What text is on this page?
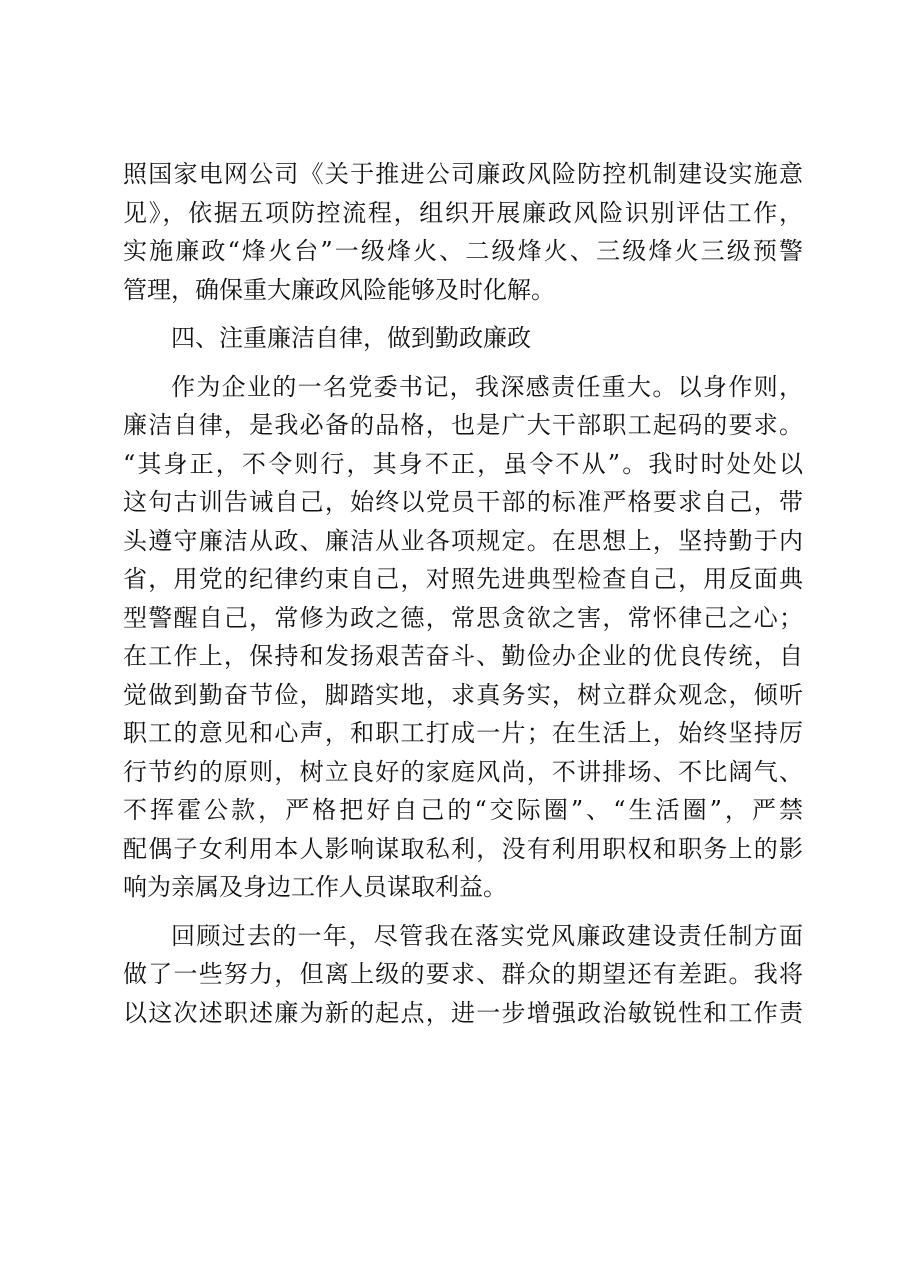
照国家电网公司《关于推进公司廉政风险防控机制建设实施意
见》，依据五项防控流程，组织开展廉政风险识别评估工作，
实施廉政“烽火台”一级烽火、二级烽火、三级烽火三级预警
管理，确保重大廉政风险能够及时化解。
四、注重廉洁自律，做到勤政廉政
作为企业的一名党委书记，我深感责任重大。以身作则，
廉洁自律，是我必备的品格，也是广大干部职工起码的要求。
“其身正，不令则行，其身不正，虽令不从”。我时时处处以
这句古训告诫自己，始终以党员干部的标准严格要求自己，带
头遵守廉洁从政、廉洁从业各项规定。在思想上，坚持勤于内
省，用党的纪律约束自己，对照先进典型检查自己，用反面典
型警醒自己，常修为政之德，常思贪欲之害，常怀律己之心；
在工作上，保持和发扬艰苦奋斗、勤俭办企业的优良传统，自
觉做到勤奋节俭，脚踏实地，求真务实，树立群众观念，倾听
职工的意见和心声，和职工打成一片；在生活上，始终坚持厉
行节约的原则，树立良好的家庭风尚，不讲排场、不比阔气、
不挥霍公款，严格把好自己的“交际圈”、“生活圈”，严禁
配偶子女利用本人影响谋取私利，没有利用职权和职务上的影
响为亲属及身边工作人员谋取利益。
回顾过去的一年，尽管我在落实党风廉政建设责任制方面
做了一些努力，但离上级的要求、群众的期望还有差距。我将
以这次述职述廉为新的起点，进一步增强政治敏锐性和工作责
